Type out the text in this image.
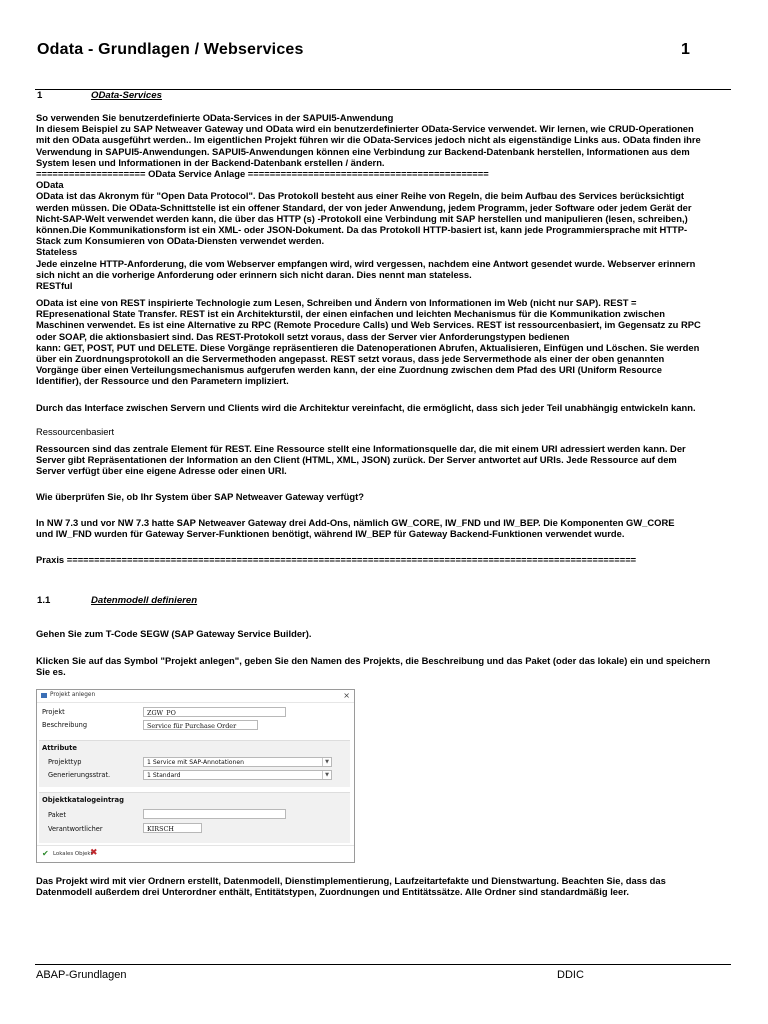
Odata - Grundlagen / Webservices	1
1	OData-Services
So verwenden Sie benutzerdefinierte OData-Services in der SAPUI5-Anwendung
In diesem Beispiel zu SAP Netweaver Gateway und OData wird ein benutzerdefinierter OData-Service verwendet. Wir lernen, wie CRUD-Operationen
mit den OData ausgeführt werden.. Im eigentlichen Projekt führen wir die OData-Services jedoch nicht als eigenständige Links aus. OData finden ihre
Verwendung in SAPUI5-Anwendungen. SAPUI5-Anwendungen können eine Verbindung zur Backend-Datenbank herstellen, Informationen aus dem
System lesen und Informationen in der Backend-Datenbank erstellen / ändern.
==================== OData Service Anlage ============================================
OData
OData ist das Akronym für "Open Data Protocol". Das Protokoll besteht aus einer Reihe von Regeln, die beim Aufbau des Services berücksichtigt
werden müssen. Die OData-Schnittstelle ist ein offener Standard, der von jeder Anwendung, jedem Programm, jeder Software oder jedem Gerät der
Nicht-SAP-Welt verwendet werden kann, die über das HTTP (s) -Protokoll eine Verbindung mit SAP herstellen und manipulieren (lesen, schreiben,)
können.Die Kommunikationsform ist ein XML- oder JSON-Dokument. Da das Protokoll HTTP-basiert ist, kann jede Programmiersprache mit HTTP-
Stack zum Konsumieren von OData-Diensten verwendet werden.
Stateless
Jede einzelne HTTP-Anforderung, die vom Webserver empfangen wird, wird vergessen, nachdem eine Antwort gesendet wurde. Webserver erinnern
sich nicht an die vorherige Anforderung oder erinnern sich nicht daran. Dies nennt man stateless.
RESTful
OData ist eine von REST inspirierte Technologie zum Lesen, Schreiben und Ändern von Informationen im Web (nicht nur SAP). REST =
REpresenational State Transfer. REST ist ein Architekturstil, der einen einfachen und leichten Mechanismus für die Kommunikation zwischen
Maschinen verwendet. Es ist eine Alternative zu RPC (Remote Procedure Calls) und Web Services. REST ist ressourcenbasiert, im Gegensatz zu RPC
oder SOAP, die aktionsbasiert sind. Das REST-Protokoll setzt voraus, dass der Server vier Anforderungstypen bedienen
kann: GET, POST, PUT und DELETE. Diese Vorgänge repräsentieren die Datenoperationen Abrufen, Aktualisieren, Einfügen und Löschen. Sie werden
über ein Zuordnungsprotokoll an die Servermethoden angepasst. REST setzt voraus, dass jede Servermethode als einer der oben genannten
Vorgänge über einen Verteilungsmechanismus aufgerufen werden kann, der eine Zuordnung zwischen dem Pfad des URI (Uniform Resource
Identifier), der Ressource und den Parametern impliziert.
Durch das Interface zwischen Servern und Clients wird die Architektur vereinfacht, die ermöglicht, dass sich jeder Teil unabhängig entwickeln kann.
Ressourcenbasiert
Ressourcen sind das zentrale Element für REST. Eine Ressource stellt eine Informationsquelle dar, die mit einem URI adressiert werden kann. Der
Server gibt Repräsentationen der Information an den Client (HTML, XML, JSON) zurück. Der Server antwortet auf URIs. Jede Ressource auf dem
Server verfügt über eine eigene Adresse oder einen URI.
Wie überprüfen Sie, ob Ihr System über SAP Netweaver Gateway verfügt?
In NW 7.3 und vor NW 7.3 hatte SAP Netweaver Gateway drei Add-Ons, nämlich GW_CORE, IW_FND und IW_BEP. Die Komponenten GW_CORE
und IW_FND wurden für Gateway Server-Funktionen benötigt, während IW_BEP für Gateway Backend-Funktionen verwendet wurde.
Praxis ========================================================================================================
1.1	Datenmodell definieren
Gehen Sie zum T-Code SEGW (SAP Gateway Service Builder).
Klicken Sie auf das Symbol "Projekt anlegen", geben Sie den Namen des Projekts, die Beschreibung und das Paket (oder das lokale) ein und speichern
Sie es.
Projekt anlegen	×
Projekt	ZGW_PO
Beschreibung	Service für Purchase Order
Attribute
Projekttyp	1 Service mit SAP-Annotationen	▼
Generierungsstrat.	1 Standard	▼
Objektkatalogeintrag
Paket
Verantwortlicher	KIRSCH
✔ Lokales Objekt
✖
Das Projekt wird mit vier Ordnern erstellt, Datenmodell, Dienstimplementierung, Laufzeitartefakte und Dienstwartung. Beachten Sie, dass das
Datenmodell außerdem drei Unterordner enthält, Entitätstypen, Zuordnungen und Entitätssätze. Alle Ordner sind standardmäßig leer.
ABAP-Grundlagen	DDIC
